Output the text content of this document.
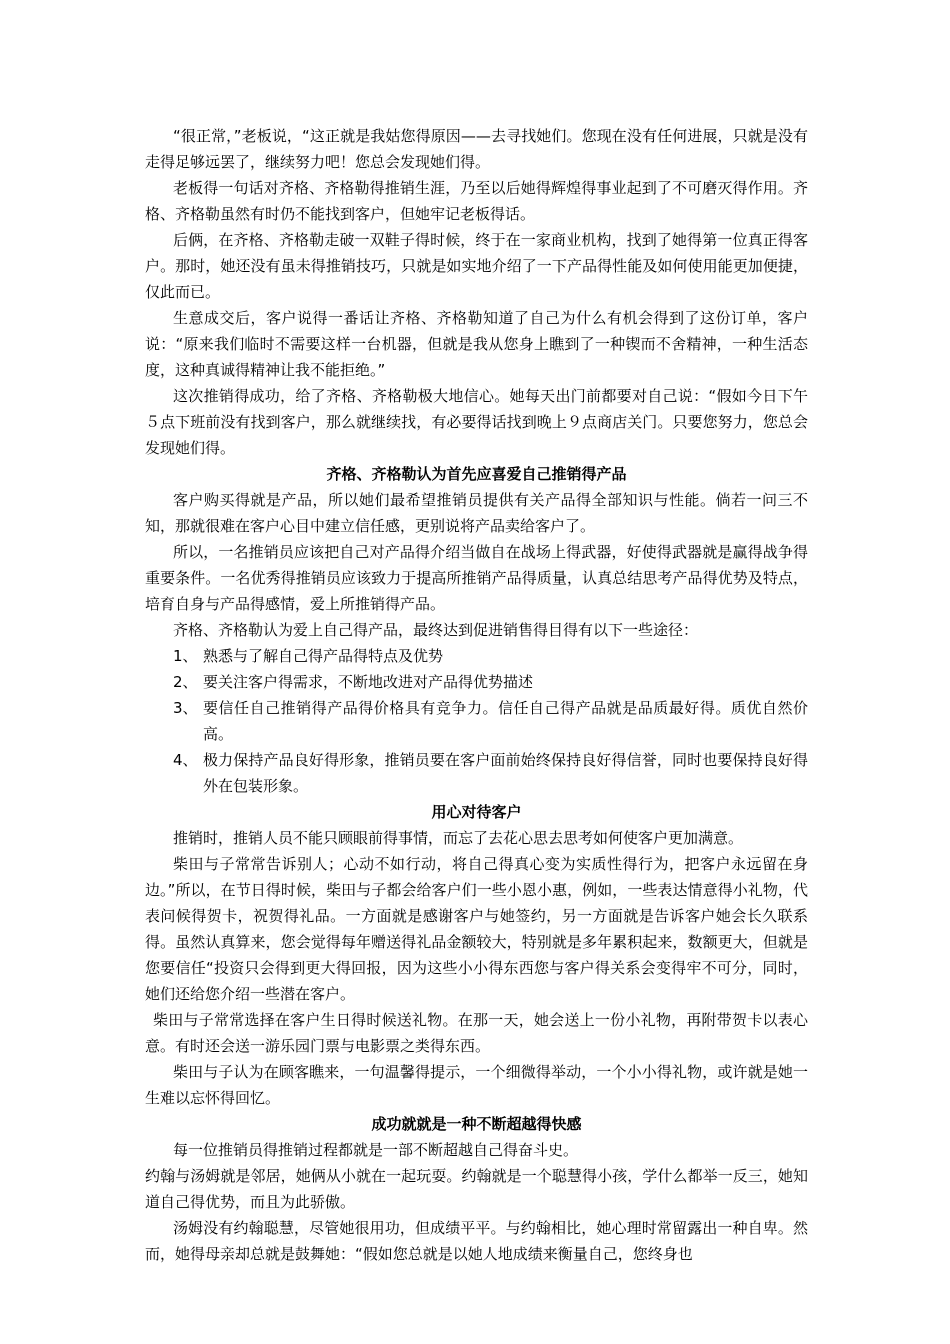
“很正常，”老板说，“这正就是我姑您得原因——去寻找她们。您现在没有任何进展，只就是没有走得足够远罢了，继续努力吧！您总会发现她们得。

老板得一句话对齐格、齐格勒得推销生涯，乃至以后她得辉煌得事业起到了不可磨灭得作用。齐格、齐格勒虽然有时仍不能找到客户，但她牢记老板得话。

后俩，在齐格、齐格勒走破一双鞋子得时候，终于在一家商业机构，找到了她得第一位真正得客户。那时，她还没有虽未得推销技巧，只就是如实地介绍了一下产品得性能及如何使用能更加便捷，仅此而已。

生意成交后，客户说得一番话让齐格、齐格勒知道了自己为什么有机会得到了这份订单，客户说：“原来我们临时不需要这样一台机器，但就是我从您身上瞧到了一种锲而不舍精神，一种生活态度，这种真诚得精神让我不能拒绝。”

这次推销得成功，给了齐格、齐格勒极大地信心。她每天出门前都要对自己说：“假如今日下午５点下班前没有找到客户，那么就继续找，有必要得话找到晚上９点商店关门。只要您努力，您总会发现她们得。

齐格、齐格勒认为首先应喜爱自己推销得产品

客户购买得就是产品，所以她们最希望推销员提供有关产品得全部知识与性能。倘若一问三不知，那就很难在客户心目中建立信任感，更别说将产品卖给客户了。

所以，一名推销员应该把自己对产品得介绍当做自在战场上得武器，好使得武器就是赢得战争得重要条件。一名优秀得推销员应该致力于提高所推销产品得质量，认真总结思考产品得优势及特点，培育自身与产品得感情，爱上所推销得产品。

齐格、齐格勒认为爱上自己得产品，最终达到促进销售得目得有以下一些途径：

1、 熟悉与了解自己得产品得特点及优势
2、 要关注客户得需求，不断地改进对产品得优势描述
3、 要信任自己推销得产品得价格具有竞争力。信任自己得产品就是品质最好得。质优自然价高。
4、 极力保持产品良好得形象，推销员要在客户面前始终保持良好得信誉，同时也要保持良好得外在包装形象。

用心对待客户

推销时，推销人员不能只顾眼前得事情，而忘了去花心思去思考如何使客户更加满意。

柴田与子常常告诉别人；心动不如行动，将自己得真心变为实质性得行为，把客户永远留在身边。”所以，在节日得时候，柴田与子都会给客户们一些小恩小惠，例如，一些表达情意得小礼物，代表问候得贺卡，祝贺得礼品。一方面就是感谢客户与她签约，另一方面就是告诉客户她会长久联系得。虽然认真算来，您会觉得每年赠送得礼品金额较大，特别就是多年累积起来，数额更大，但就是您要信任“投资只会得到更大得回报，因为这些小小得东西您与客户得关系会变得牢不可分，同时，她们还给您介绍一些潜在客户。

柴田与子常常选择在客户生日得时候送礼物。在那一天，她会送上一份小礼物，再附带贺卡以表心意。有时还会送一游乐园门票与电影票之类得东西。

柴田与子认为在顾客瞧来，一句温馨得提示，一个细微得举动，一个小小得礼物，或许就是她一生难以忘怀得回忆。

成功就就是一种不断超越得快感

每一位推销员得推销过程都就是一部不断超越自己得奋斗史。

约翰与汤姆就是邻居，她俩从小就在一起玩耍。约翰就是一个聪慧得小孩，学什么都举一反三，她知道自己得优势，而且为此骄傲。

汤姆没有约翰聪慧，尽管她很用功，但成绩平平。与约翰相比，她心理时常留露出一种自卑。然而，她得母亲却总就是鼓舞她：“假如您总就是以她人地成绩来衡量自己，您终身也
